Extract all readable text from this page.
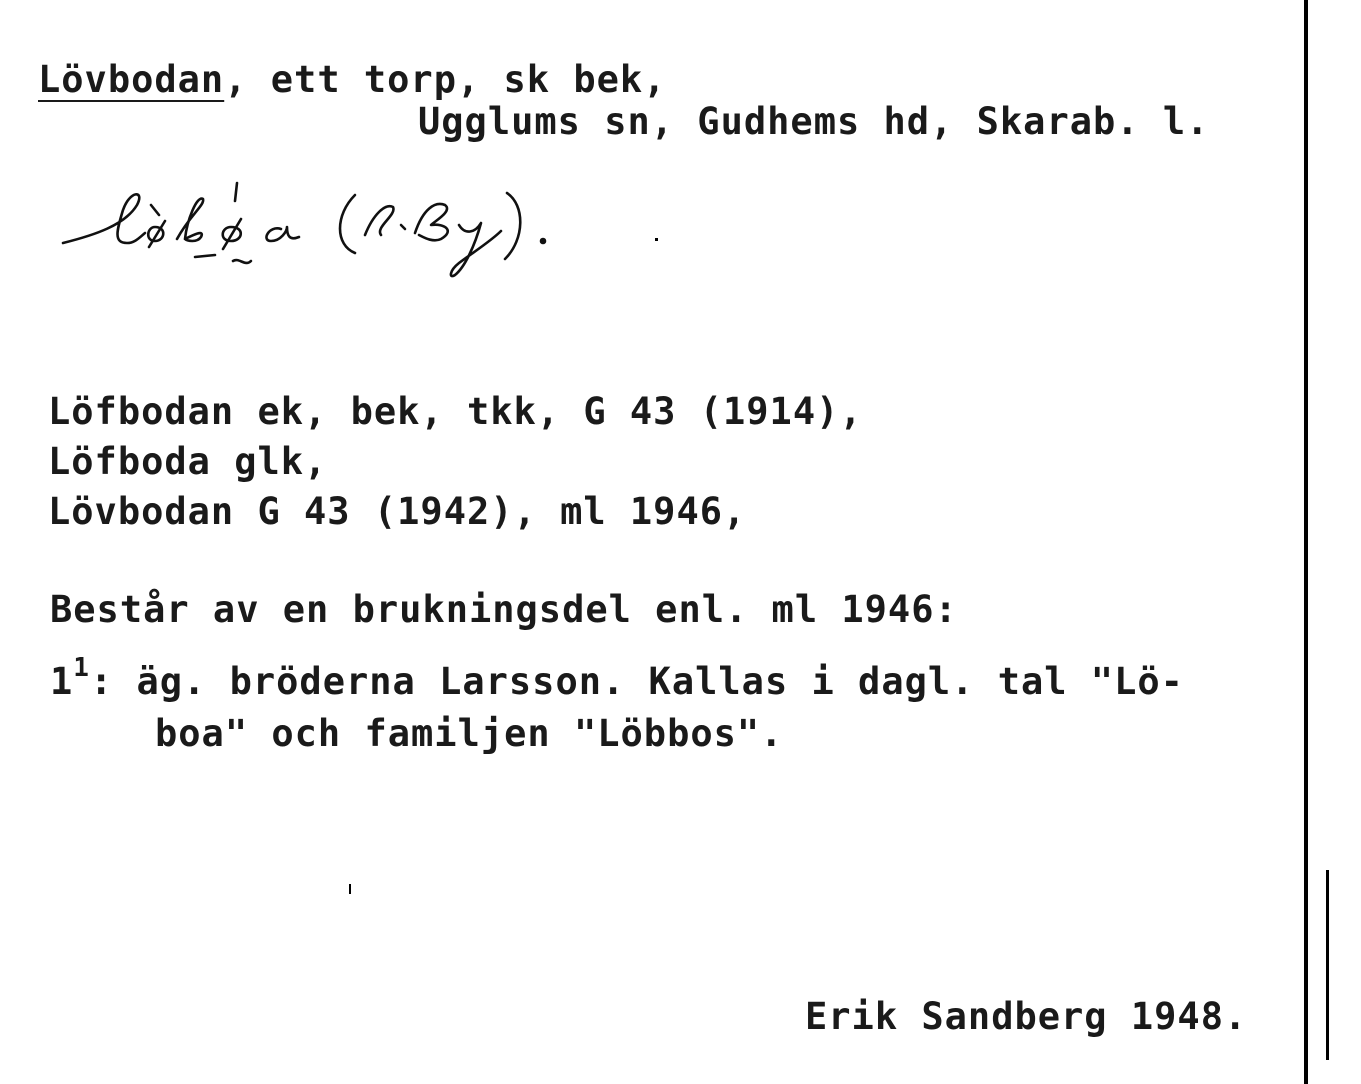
Lövbodan, ett torp, sk bek,
Ugglums sn, Gudhems hd, Skarab. l.
Löfbodan ek, bek, tkk, G 43 (1914),
Löfboda glk,
Lövbodan G 43 (1942), ml 1946,
Består av en brukningsdel enl. ml 1946:
$1^1$: äg. bröderna Larsson. Kallas i dagl. tal "Lö-
boa" och familjen "Löbbos".
Erik Sandberg 1948.
